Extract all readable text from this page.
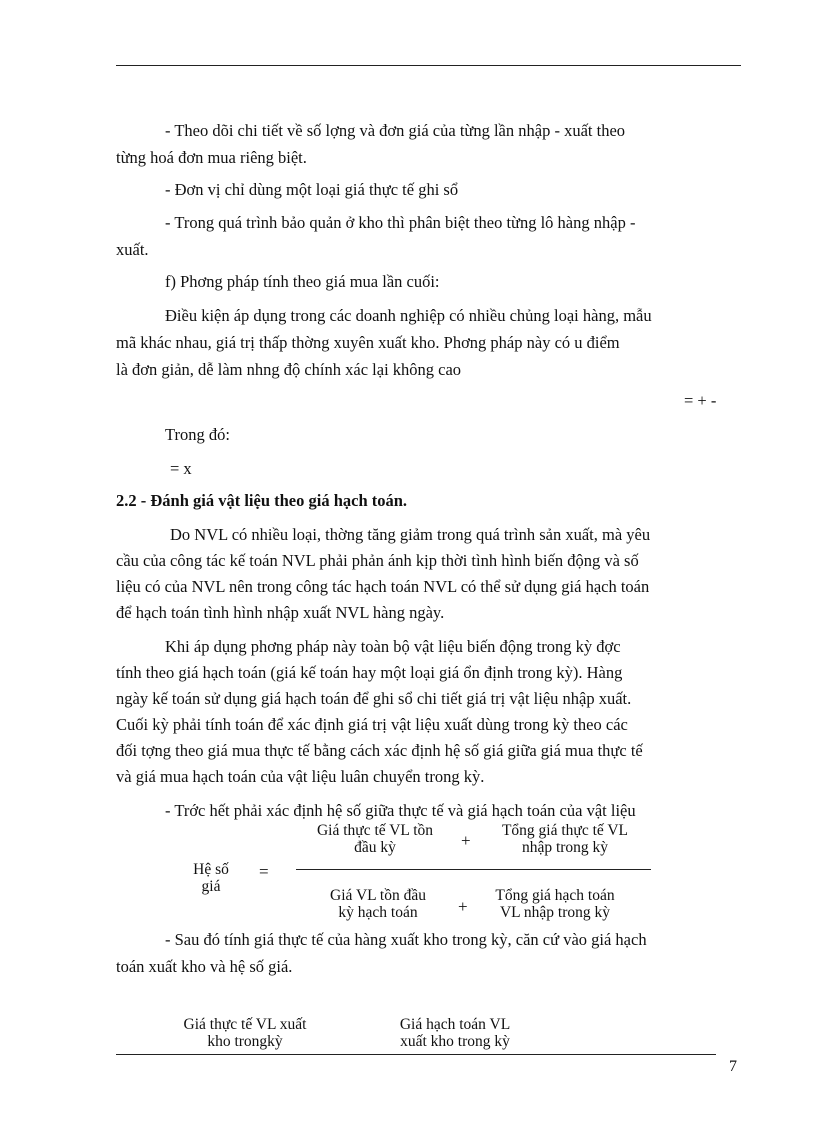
- Theo dõi chi tiết về số lợng và đơn giá của từng lần nhập - xuất theo
từng hoá đơn mua riêng biệt.
- Đơn vị chỉ dùng một loại giá thực tế ghi sổ
- Trong quá trình bảo quản ở kho thì phân biệt theo từng lô hàng nhập -
xuất.
f) Phơng pháp tính theo giá mua lần cuối:
Điều kiện áp dụng trong các doanh nghiệp có nhiều chủng loại hàng, mẫu
mã khác nhau, giá trị thấp thờng xuyên xuất kho. Phơng pháp này có u điểm
là đơn giản, dễ làm nhng độ chính xác lại không cao
= + -
Trong đó:
= x
2.2 - Đánh giá vật liệu theo giá hạch toán.
Do NVL có nhiều loại, thờng tăng giảm trong quá trình sản xuất, mà yêu
cầu của công tác kế toán NVL phải phản ánh kịp thời tình hình biến động và số
liệu có của NVL nên trong công tác hạch toán NVL có thể sử dụng giá hạch toán
để hạch toán tình hình nhập xuất NVL hàng ngày.
Khi áp dụng phơng pháp này toàn bộ vật liệu biến động trong kỳ đợc
tính theo giá hạch toán (giá kế toán hay một loại giá ổn định trong kỳ). Hàng
ngày kế toán sử dụng giá hạch toán để ghi sổ chi tiết giá trị vật liệu nhập xuất.
Cuối kỳ phải tính toán để xác định giá trị vật liệu xuất dùng trong kỳ theo các
đối tợng theo giá mua thực tế bằng cách xác định hệ số giá giữa giá mua thực tế
và giá mua hạch toán của vật liệu luân chuyển trong kỳ.
- Trớc hết phải xác định hệ số giữa thực tế và giá hạch toán của vật liệu
Hệ số
giá
=
Giá thực tế VL tồn
đầu kỳ	+
Tổng giá thực tế VL
nhập trong kỳ
Giá VL tồn đầu
kỳ hạch toán	+
Tổng giá hạch toán
VL nhập trong kỳ
- Sau đó tính giá thực tế của hàng xuất kho trong kỳ, căn cứ vào giá hạch
toán xuất kho và hệ số giá.
Giá thực tế VL xuất
kho trongkỳ
Giá hạch toán VL
xuất kho trong kỳ
7
